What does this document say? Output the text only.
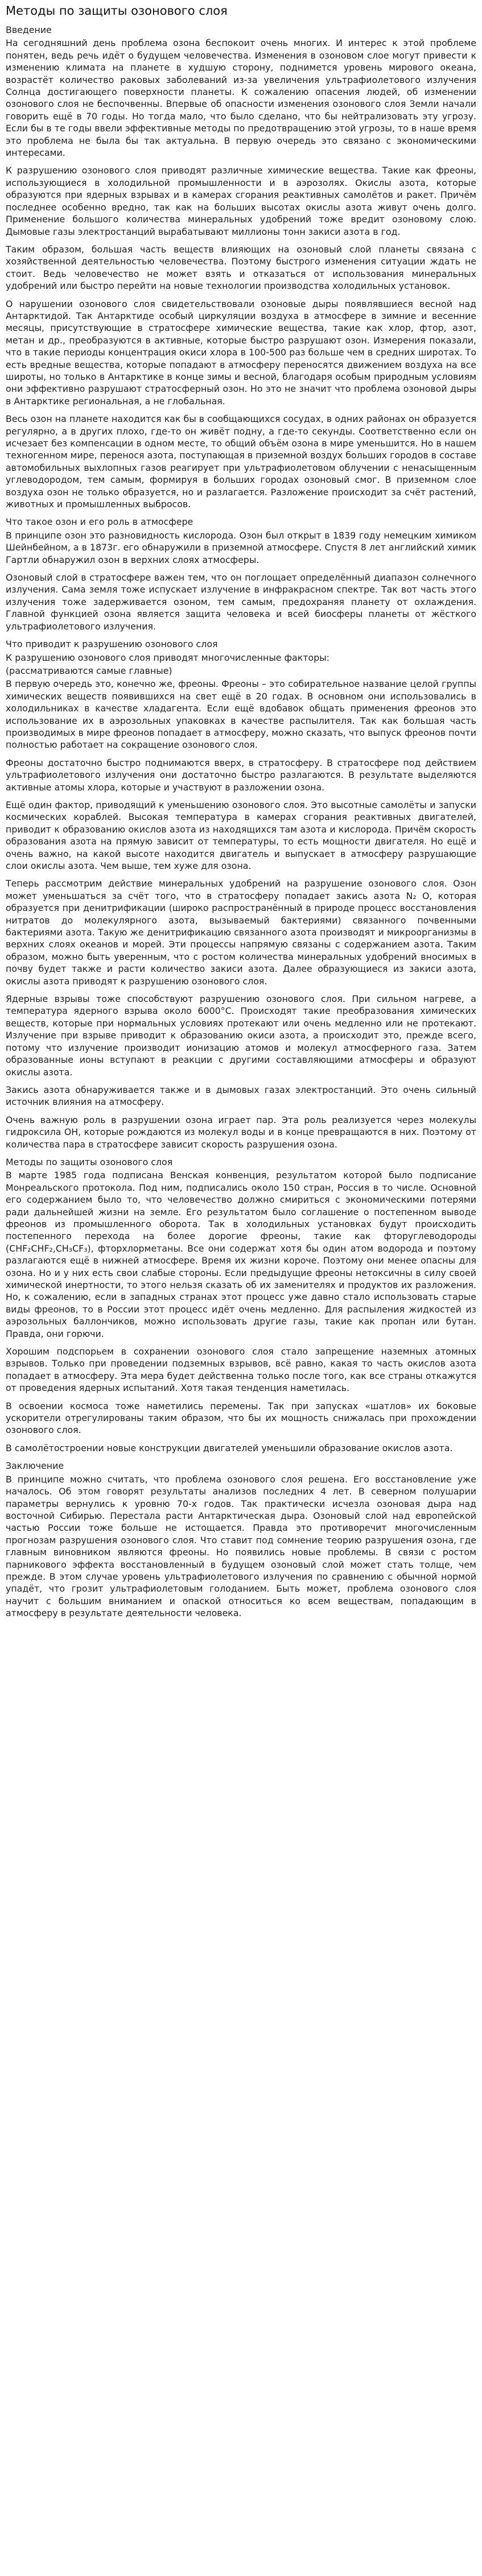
Методы по защиты озонового слоя
Введение
На сегодняшний день проблема озона беспокоит очень многих. И интерес к этой проблеме понятен, ведь речь идёт о будущем человечества. Изменения в озоновом слое могут привести к изменению климата на планете в худшую сторону, поднимется уровень мирового океана, возрастёт количество раковых заболеваний из-за увеличения ультрафиолетового излучения Солнца достигающего поверхности планеты. К сожалению опасения людей, об изменении озонового слоя не беспочвенны. Впервые об опасности изменения озонового слоя Земли начали говорить ещё в 70 годы. Но тогда мало, что было сделано, что бы нейтрализовать эту угрозу. Если бы в те годы ввели эффективные методы по предотвращению этой угрозы, то в наше время это проблема не была бы так актуальна. В первую очередь это связано с экономическими интересами.
К разрушению озонового слоя приводят различные химические вещества. Такие как фреоны, использующиеся в холодильной промышленности и в аэрозолях. Окислы азота, которые образуются при ядерных взрывах и в камерах сгорания реактивных самолётов и ракет. Причём последнее особенно вредно, так как на больших высотах окислы азота живут очень долго. Применение большого количества минеральных удобрений тоже вредит озоновому слою. Дымовые газы электростанций вырабатывают миллионы тонн закиси азота в год.
Таким образом, большая часть веществ влияющих на озоновый слой планеты связана с хозяйственной деятельностью человечества. Поэтому быстрого изменения ситуации ждать не стоит. Ведь человечество не может взять и отказаться от использования минеральных удобрений или быстро перейти на новые технологии производства холодильных установок.
О нарушении озонового слоя свидетельствовали озоновые дыры появлявшиеся весной над Антарктидой. Так Антарктиде особый циркуляции воздуха в атмосфере в зимние и весенние месяцы, присутствующие в стратосфере химические вещества, такие как хлор, фтор, азот, метан и др., преобразуются в активные, которые быстро разрушают озон. Измерения показали, что в такие периоды концентрация окиси хлора в 100-500 раз больше чем в средних широтах. То есть вредные вещества, которые попадают в атмосферу переносятся движением воздуха на все широты, но только в Антарктике в конце зимы и весной, благодаря особым природным условиям они эффективно разрушают стратосферный озон. Но это не значит что проблема озоновой дыры в Антарктике региональная, а не глобальная.
Весь озон на планете находится как бы в сообщающихся сосудах, в одних районах он образуется регулярно, а в других плохо, где-то он живёт подну, а где-то секунды. Соответственно если он исчезает без компенсации в одном месте, то общий объём озона в мире уменьшится. Но в нашем техногенном мире, перенося азота, поступающая в приземной воздух больших городов в составе автомобильных выхлопных газов реагирует при ультрафиолетовом облучении с ненасыщенным углеводородом, тем самым, формируя в больших городах озоновый смог. В приземном слое воздуха озон не только образуется, но и разлагается. Разложение происходит за счёт растений, животных и промышленных выбросов.
Что такое озон и его роль в атмосфере
В принципе озон это разновидность кислорода. Озон был открыт в 1839 году немецким химиком Шейнбейном, а в 1873г. его обнаружили в приземной атмосфере. Спустя 8 лет английский химик Гартли обнаружил озон в верхних слоях атмосферы.
Озоновый слой в стратосфере важен тем, что он поглощает определённый диапазон солнечного излучения. Сама земля тоже испускает излучение в инфракрасном спектре. Так вот часть этого излучения тоже задерживается озоном, тем самым, предохраняя планету от охлаждения. Главной функцией озона является защита человека и всей биосферы планеты от жёсткого ультрафиолетового излучения.
Что приводит к разрушению озонового слоя
К разрушению озонового слоя приводят многочисленные факторы:
(рассматриваются самые главные)
В первую очередь это, конечно же, фреоны. Фреоны – это собирательное название целой группы химических веществ появившихся на свет ещё в 20 годах. В основном они использовались в холодильниках в качестве хладагента. Если ещё вдобавок общать применения фреонов это использование их в аэрозольных упаковках в качестве распылителя. Так как большая часть производимых в мире фреонов попадает в атмосферу, можно сказать, что выпуск фреонов почти полностью работает на сокращение озонового слоя.
Фреоны достаточно быстро поднимаются вверх, в стратосферу. В стратосфере под действием ультрафиолетового излучения они достаточно быстро разлагаются. В результате выделяются активные атомы хлора, которые и участвуют в разложении озона.
Ещё один фактор, приводящий к уменьшению озонового слоя. Это высотные самолёты и запуски космических кораблей. Высокая температура в камерах сгорания реактивных двигателей, приводит к образованию окислов азота из находящихся там азота и кислорода. Причём скорость образования азота на прямую зависит от температуры, то есть мощности двигателя. Но ещё и очень важно, на какой высоте находится двигатель и выпускает в атмосферу разрушающие слои окислы азота. Чем выше, тем хуже для озона.
Теперь рассмотрим действие минеральных удобрений на разрушение озонового слоя. Озон может уменьшаться за счёт того, что в стратосферу попадает закись азота N₂ O, которая образуется при денитрификации (широко распространённый в природе процесс восстановления нитратов до молекулярного азота, вызываемый бактериями) связанного почвенными бактериями азота. Такую же денитрификацию связанного азота производят и микроорганизмы в верхних слоях океанов и морей. Эти процессы напрямую связаны с содержанием азота. Таким образом, можно быть уверенным, что с ростом количества минеральных удобрений вносимых в почву будет также и расти количество закиси азота. Далее образующиеся из закиси азота, окислы азота приводят к разрушению озонового слоя.
Ядерные взрывы тоже способствуют разрушению озонового слоя. При сильном нагреве, а температура ядерного взрыва около 6000°C. Происходят такие преобразования химических веществ, которые при нормальных условиях протекают или очень медленно или не протекают. Излучение при взрыве приводит к образованию окиси азота, а происходит это, прежде всего, потому что излучение производит ионизацию атомов и молекул атмосферного газа. Затем образованные ионы вступают в реакции с другими составляющими атмосферы и образуют окислы азота.
Закись азота обнаруживается также и в дымовых газах электростанций. Это очень сильный источник влияния на атмосферу.
Очень важную роль в разрушении озона играет пар. Эта роль реализуется через молекулы гидроксила OH, которые рождаются из молекул воды и в конце превращаются в них. Поэтому от количества пара в стратосфере зависит скорость разрушения озона.
Методы по защиты озонового слоя
В марте 1985 года подписана Венская конвенция, результатом которой было подписание Монреальского протокола. Под ним, подписались около 150 стран, Россия в то числе. Основной его содержанием было то, что человечество должно смириться с экономическими потерями ради дальнейшей жизни на земле. Его результатом было соглашение о постепенном выводе фреонов из промышленного оборота. Так в холодильных установках будут происходить постепенного перехода на более дорогие фреоны, такие как фторуглеводороды (CHF₂CHF₂,CH₃CF₃), фторхлорметаны. Все они содержат хотя бы один атом водорода и поэтому разлагаются ещё в нижней атмосфере. Время их жизни короче. Поэтому они менее опасны для озона. Но и у них есть свои слабые стороны. Если предыдущие фреоны нетоксичны в силу своей химической инертности, то этого нельзя сказать об их заменителях и продуктов их разложения. Но, к сожалению, если в западных странах этот процесс уже давно стало использовать старые виды фреонов, то в России этот процесс идёт очень медленно. Для распыления жидкостей из аэрозольных баллончиков, можно использовать другие газы, такие как пропан или бутан. Правда, они горючи.
Хорошим подспорьем в сохранении озонового слоя стало запрещение наземных атомных взрывов. Только при проведении подземных взрывов, всё равно, какая то часть окислов азота попадает в атмосферу. Эта мера будет действенна только после того, как все страны откажутся от проведения ядерных испытаний. Хотя такая тенденция наметилась.
В освоении космоса тоже наметились перемены. Так при запусках «шатлов» их боковые ускорители отрегулированы таким образом, что бы их мощность снижалась при прохождении озонового слоя.
В самолётостроении новые конструкции двигателей уменьшили образование окислов азота.
Заключение
В принципе можно считать, что проблема озонового слоя решена. Его восстановление уже началось. Об этом говорят результаты анализов последних 4 лет. В северном полушарии параметры вернулись к уровню 70-х годов. Так практически исчезла озоновая дыра над восточной Сибирью. Перестала расти Антарктическая дыра. Озоновый слой над европейской частью России тоже больше не истощается. Правда это противоречит многочисленным прогнозам разрушения озонового слоя. Что ставит под сомнение теорию разрушения озона, где главным виновником являются фреоны. Но появились новые проблемы. В связи с ростом парникового эффекта восстановленный в будущем озоновый слой может стать толще, чем прежде. В этом случае уровень ультрафиолетового излучения по сравнению с обычной нормой упадёт, что грозит ультрафиолетовым голоданием. Быть может, проблема озонового слоя научит с большим вниманием и опаской относиться ко всем веществам, попадающим в атмосферу в результате деятельности человека.
